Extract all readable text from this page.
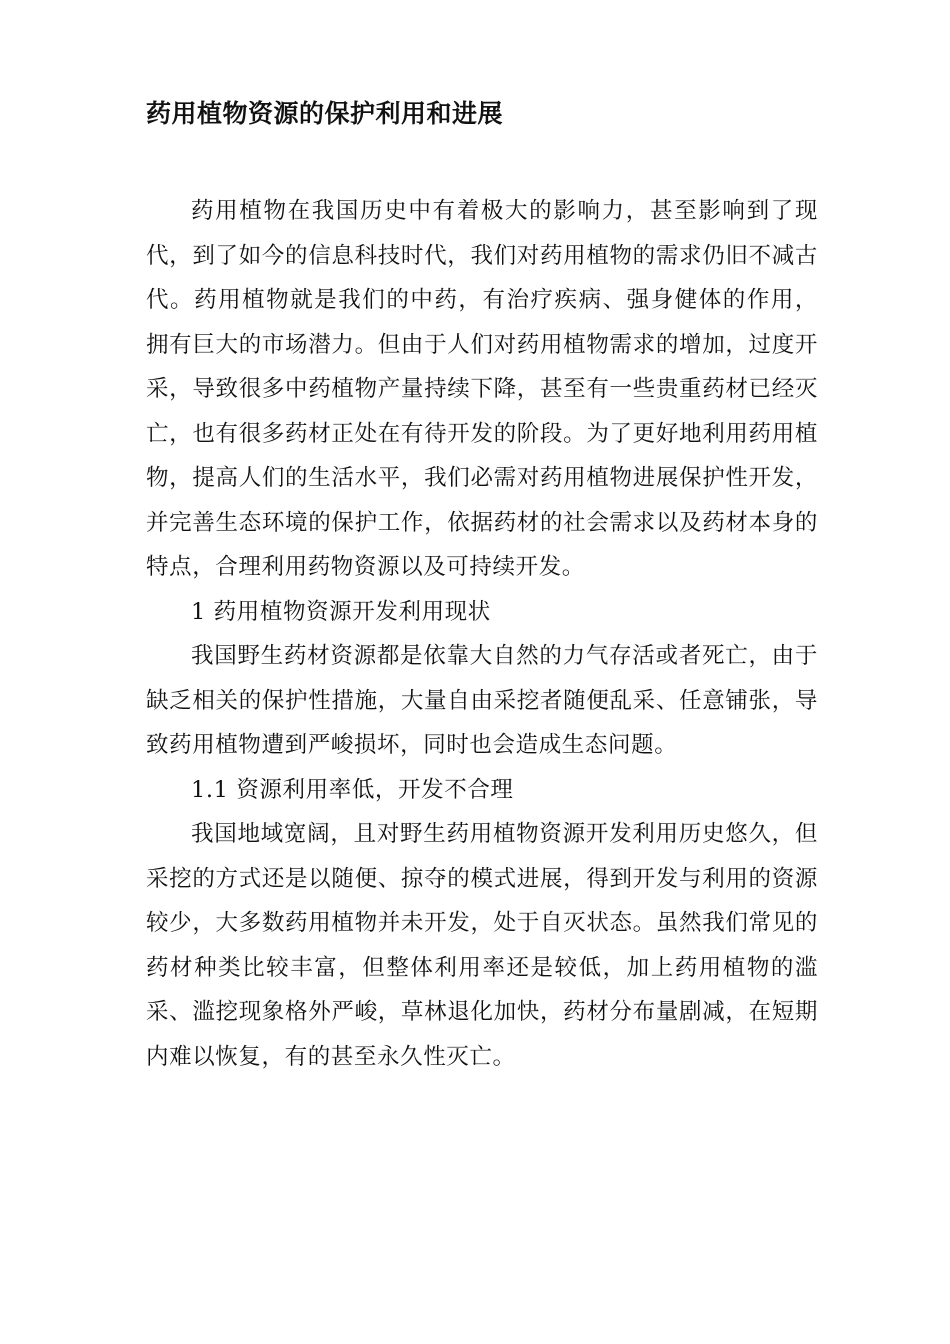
药用植物资源的保护利用和进展

药用植物在我国历史中有着极大的影响力，甚至影响到了现代，到了如今的信息科技时代，我们对药用植物的需求仍旧不减古代。药用植物就是我们的中药，有治疗疾病、强身健体的作用， 拥有巨大的市场潜力。但由于人们对药用植物需求的增加，过度开采，导致很多中药植物产量持续下降，甚至有一些贵重药材已经灭亡，也有很多药材正处在有待开发的阶段。为了更好地利用药用植物，提高人们的生活水平，我们必需对药用植物进展保护性开发，并完善生态环境的保护工作，依据药材的社会需求以及药材本身的特点，合理利用药物资源以及可持续开发。

1 药用植物资源开发利用现状

我国野生药材资源都是依靠大自然的力气存活或者死亡，由于缺乏相关的保护性措施，大量自由采挖者随便乱采、任意铺张，导致药用植物遭到严峻损坏，同时也会造成生态问题。

1.1 资源利用率低，开发不合理

我国地域宽阔，且对野生药用植物资源开发利用历史悠久，但采挖的方式还是以随便、掠夺的模式进展，得到开发与利用的资源较少，大多数药用植物并未开发，处于自灭状态。虽然我们常见的药材种类比较丰富，但整体利用率还是较低，加上药用植物的滥采、滥挖现象格外严峻，草林退化加快，药材分布量剧减，在短期内难以恢复，有的甚至永久性灭亡。
